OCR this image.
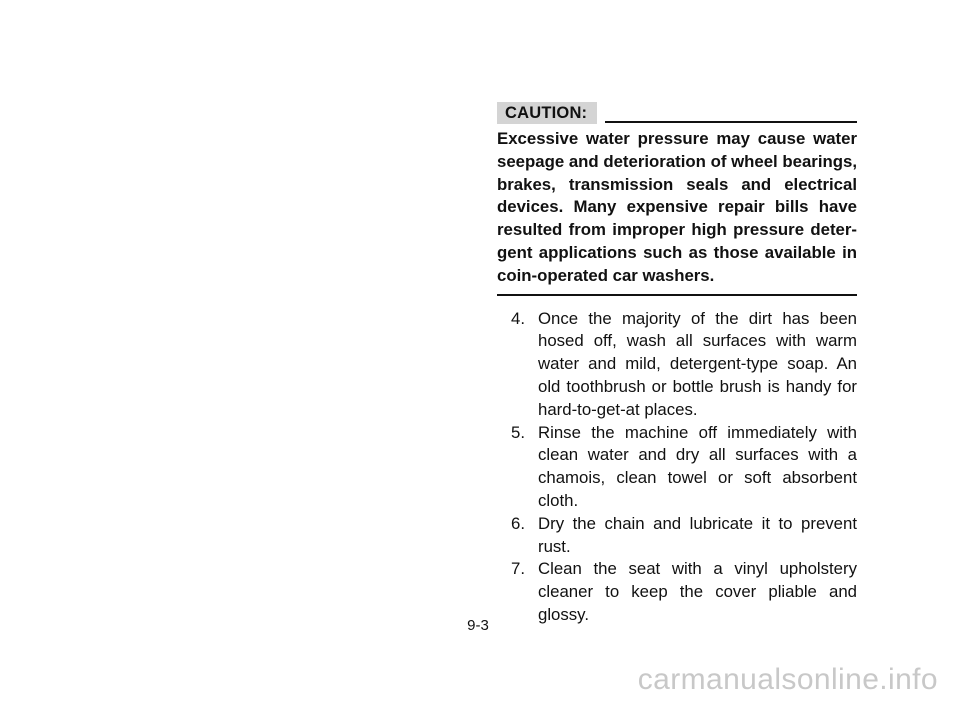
CAUTION:
Excessive water pressure may cause water
seepage and deterioration of wheel bearings,
brakes, transmission seals and electrical
devices. Many expensive repair bills have
resulted from improper high pressure deter-
gent applications such as those available in
coin-operated car washers.
4. Once the majority of the dirt has been
hosed off, wash all surfaces with warm
water and mild, detergent-type soap. An
old toothbrush or bottle brush is handy for
hard-to-get-at places.
5. Rinse the machine off immediately with
clean water and dry all surfaces with a
chamois, clean towel or soft absorbent
cloth.
6. Dry the chain and lubricate it to prevent
rust.
7. Clean the seat with a vinyl upholstery
cleaner to keep the cover pliable and
glossy.
9-3
carmanualsonline.info
